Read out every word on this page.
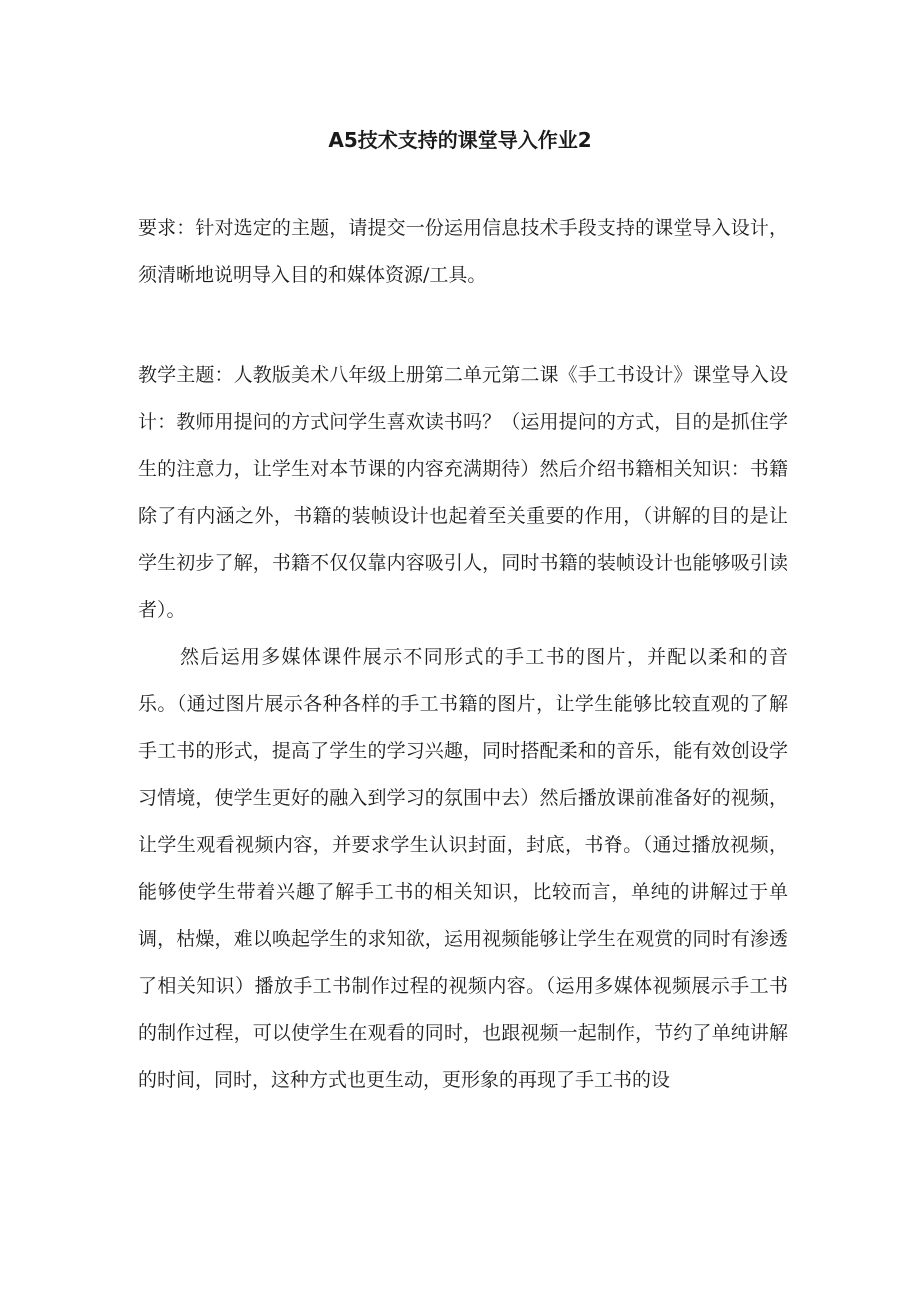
A5技术支持的课堂导入作业2

要求：针对选定的主题，请提交一份运用信息技术手段支持的课堂导入设计，须清晰地说明导入目的和媒体资源/工具。

教学主题：人教版美术八年级上册第二单元第二课《手工书设计》课堂导入设计：教师用提问的方式问学生喜欢读书吗？（运用提问的方式，目的是抓住学生的注意力，让学生对本节课的内容充满期待）然后介绍书籍相关知识：书籍除了有内涵之外，书籍的装帧设计也起着至关重要的作用，（讲解的目的是让学生初步了解，书籍不仅仅靠内容吸引人，同时书籍的装帧设计也能够吸引读者）。

然后运用多媒体课件展示不同形式的手工书的图片，并配以柔和的音乐。（通过图片展示各种各样的手工书籍的图片，让学生能够比较直观的了解手工书的形式，提高了学生的学习兴趣，同时搭配柔和的音乐，能有效创设学习情境，使学生更好的融入到学习的氛围中去）然后播放课前准备好的视频，让学生观看视频内容，并要求学生认识封面，封底，书脊。（通过播放视频，能够使学生带着兴趣了解手工书的相关知识，比较而言，单纯的讲解过于单调，枯燥，难以唤起学生的求知欲，运用视频能够让学生在观赏的同时有渗透了相关知识）播放手工书制作过程的视频内容。（运用多媒体视频展示手工书的制作过程，可以使学生在观看的同时，也跟视频一起制作，节约了单纯讲解的时间，同时，这种方式也更生动，更形象的再现了手工书的设
